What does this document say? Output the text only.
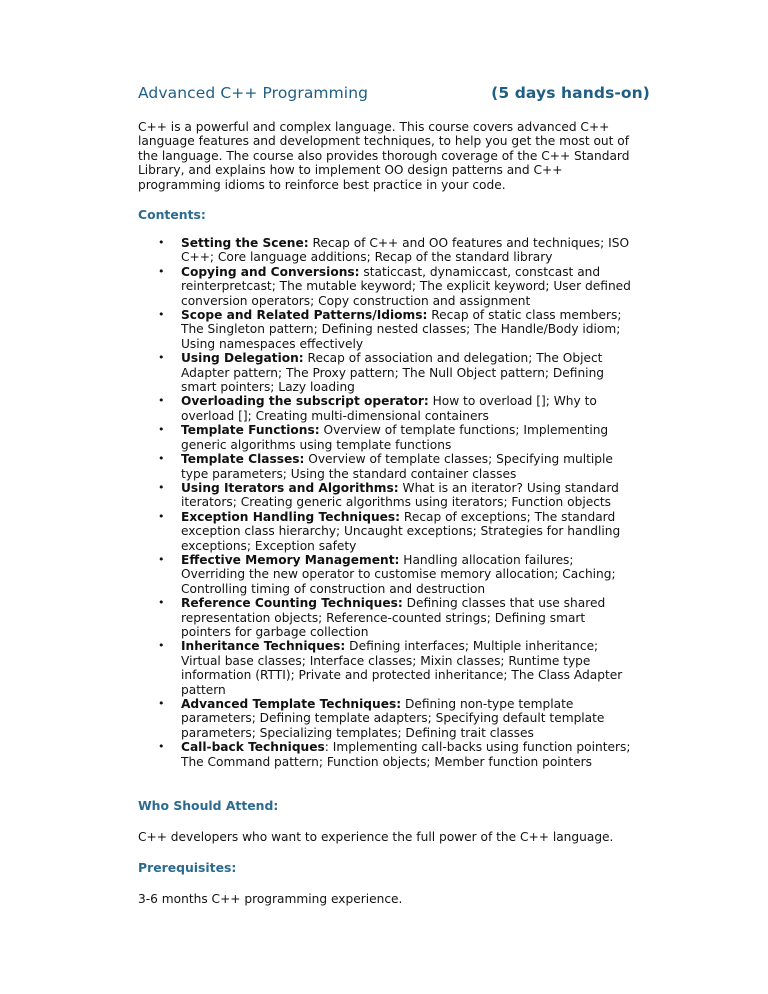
Advanced C++ Programming	(5 days hands-on)

C++ is a powerful and complex language. This course covers advanced C++ language features and development techniques, to help you get the most out of the language. The course also provides thorough coverage of the C++ Standard Library, and explains how to implement OO design patterns and C++ programming idioms to reinforce best practice in your code.

Contents:
• Setting the Scene: Recap of C++ and OO features and techniques; ISO C++; Core language additions; Recap of the standard library
• Copying and Conversions: staticcast, dynamiccast, constcast and reinterpretcast; The mutable keyword; The explicit keyword; User defined conversion operators; Copy construction and assignment
• Scope and Related Patterns/Idioms: Recap of static class members; The Singleton pattern; Defining nested classes; The Handle/Body idiom; Using namespaces effectively
• Using Delegation: Recap of association and delegation; The Object Adapter pattern; The Proxy pattern; The Null Object pattern; Defining smart pointers; Lazy loading
• Overloading the subscript operator: How to overload []; Why to overload []; Creating multi-dimensional containers
• Template Functions: Overview of template functions; Implementing generic algorithms using template functions
• Template Classes: Overview of template classes; Specifying multiple type parameters; Using the standard container classes
• Using Iterators and Algorithms: What is an iterator? Using standard iterators; Creating generic algorithms using iterators; Function objects
• Exception Handling Techniques: Recap of exceptions; The standard exception class hierarchy; Uncaught exceptions; Strategies for handling exceptions; Exception safety
• Effective Memory Management: Handling allocation failures; Overriding the new operator to customise memory allocation; Caching; Controlling timing of construction and destruction
• Reference Counting Techniques: Defining classes that use shared representation objects; Reference-counted strings; Defining smart pointers for garbage collection
• Inheritance Techniques: Defining interfaces; Multiple inheritance; Virtual base classes; Interface classes; Mixin classes; Runtime type information (RTTI); Private and protected inheritance; The Class Adapter pattern
• Advanced Template Techniques: Defining non-type template parameters; Defining template adapters; Specifying default template parameters; Specializing templates; Defining trait classes
• Call-back Techniques: Implementing call-backs using function pointers; The Command pattern; Function objects; Member function pointers
Who Should Attend:

C++ developers who want to experience the full power of the C++ language.

Prerequisites:

3-6 months C++ programming experience.
